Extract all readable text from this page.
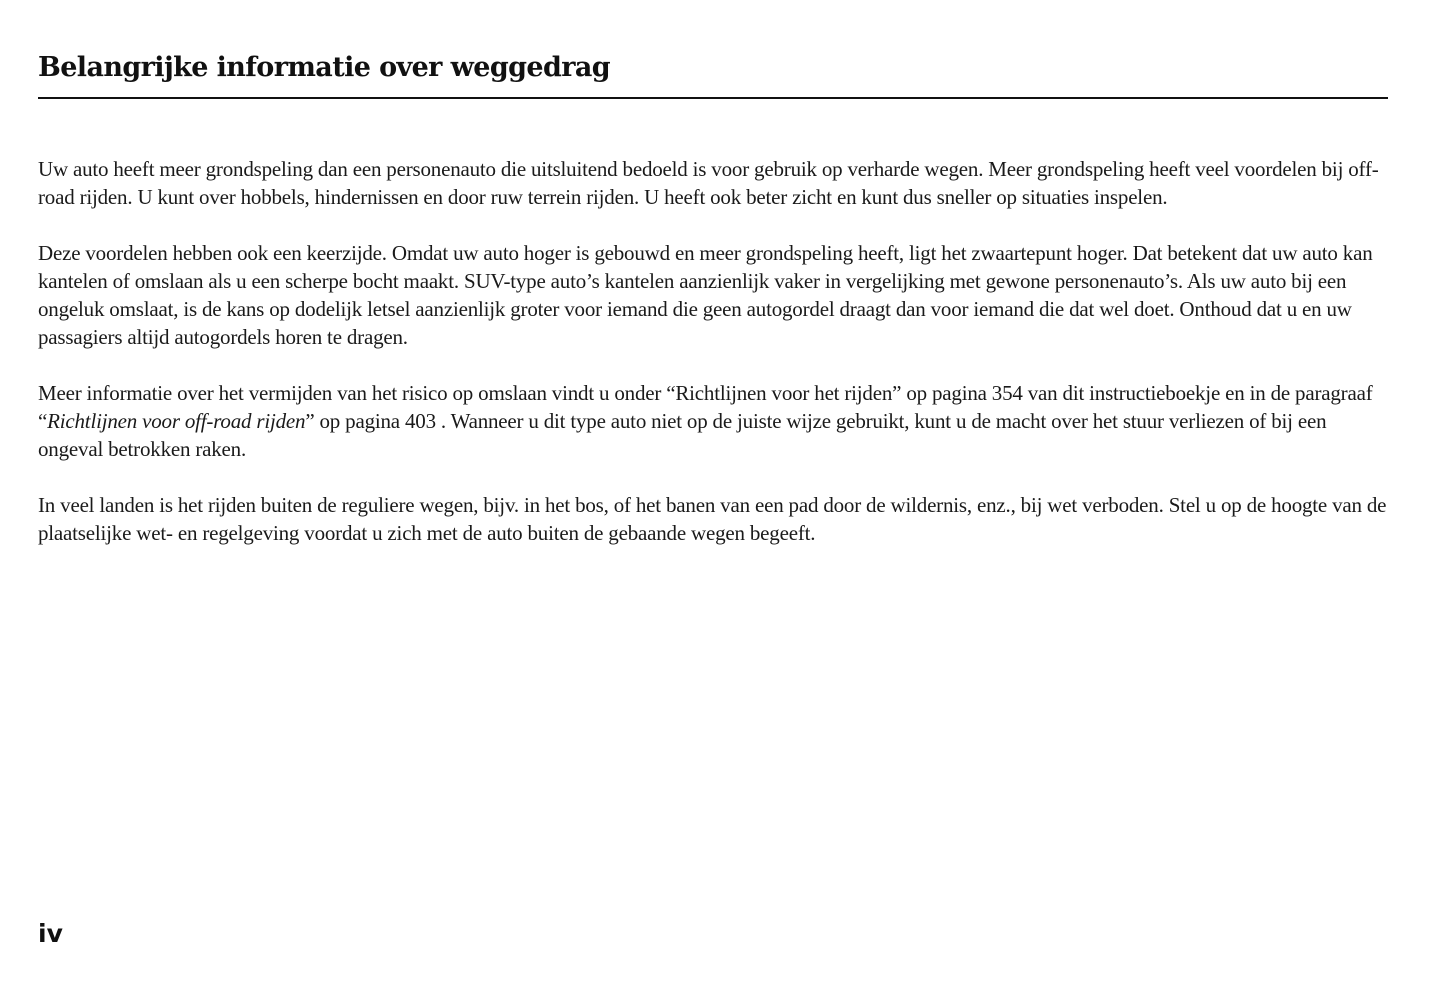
Belangrijke informatie over weggedrag

Uw auto heeft meer grondspeling dan een personenauto die uitsluitend bedoeld is voor gebruik op verharde wegen. Meer grondspeling heeft veel voordelen bij off-road rijden. U kunt over hobbels, hindernissen en door ruw terrein rijden. U heeft ook beter zicht en kunt dus sneller op situaties inspelen.

Deze voordelen hebben ook een keerzijde. Omdat uw auto hoger is gebouwd en meer grondspeling heeft, ligt het zwaartepunt hoger. Dat betekent dat uw auto kan kantelen of omslaan als u een scherpe bocht maakt. SUV-type auto’s kantelen aanzienlijk vaker in vergelijking met gewone personenauto’s. Als uw auto bij een ongeluk omslaat, is de kans op dodelijk letsel aanzienlijk groter voor iemand die geen autogordel draagt dan voor iemand die dat wel doet. Onthoud dat u en uw passagiers altijd autogordels horen te dragen.

Meer informatie over het vermijden van het risico op omslaan vindt u onder “Richtlijnen voor het rijden” op pagina 354 van dit instructieboekje en in de paragraaf “Richtlijnen voor off-road rijden” op pagina 403 . Wanneer u dit type auto niet op de juiste wijze gebruikt, kunt u de macht over het stuur verliezen of bij een ongeval betrokken raken.

In veel landen is het rijden buiten de reguliere wegen, bijv. in het bos, of het banen van een pad door de wildernis, enz., bij wet verboden. Stel u op de hoogte van de plaatselijke wet- en regelgeving voordat u zich met de auto buiten de gebaande wegen begeeft.

iv
